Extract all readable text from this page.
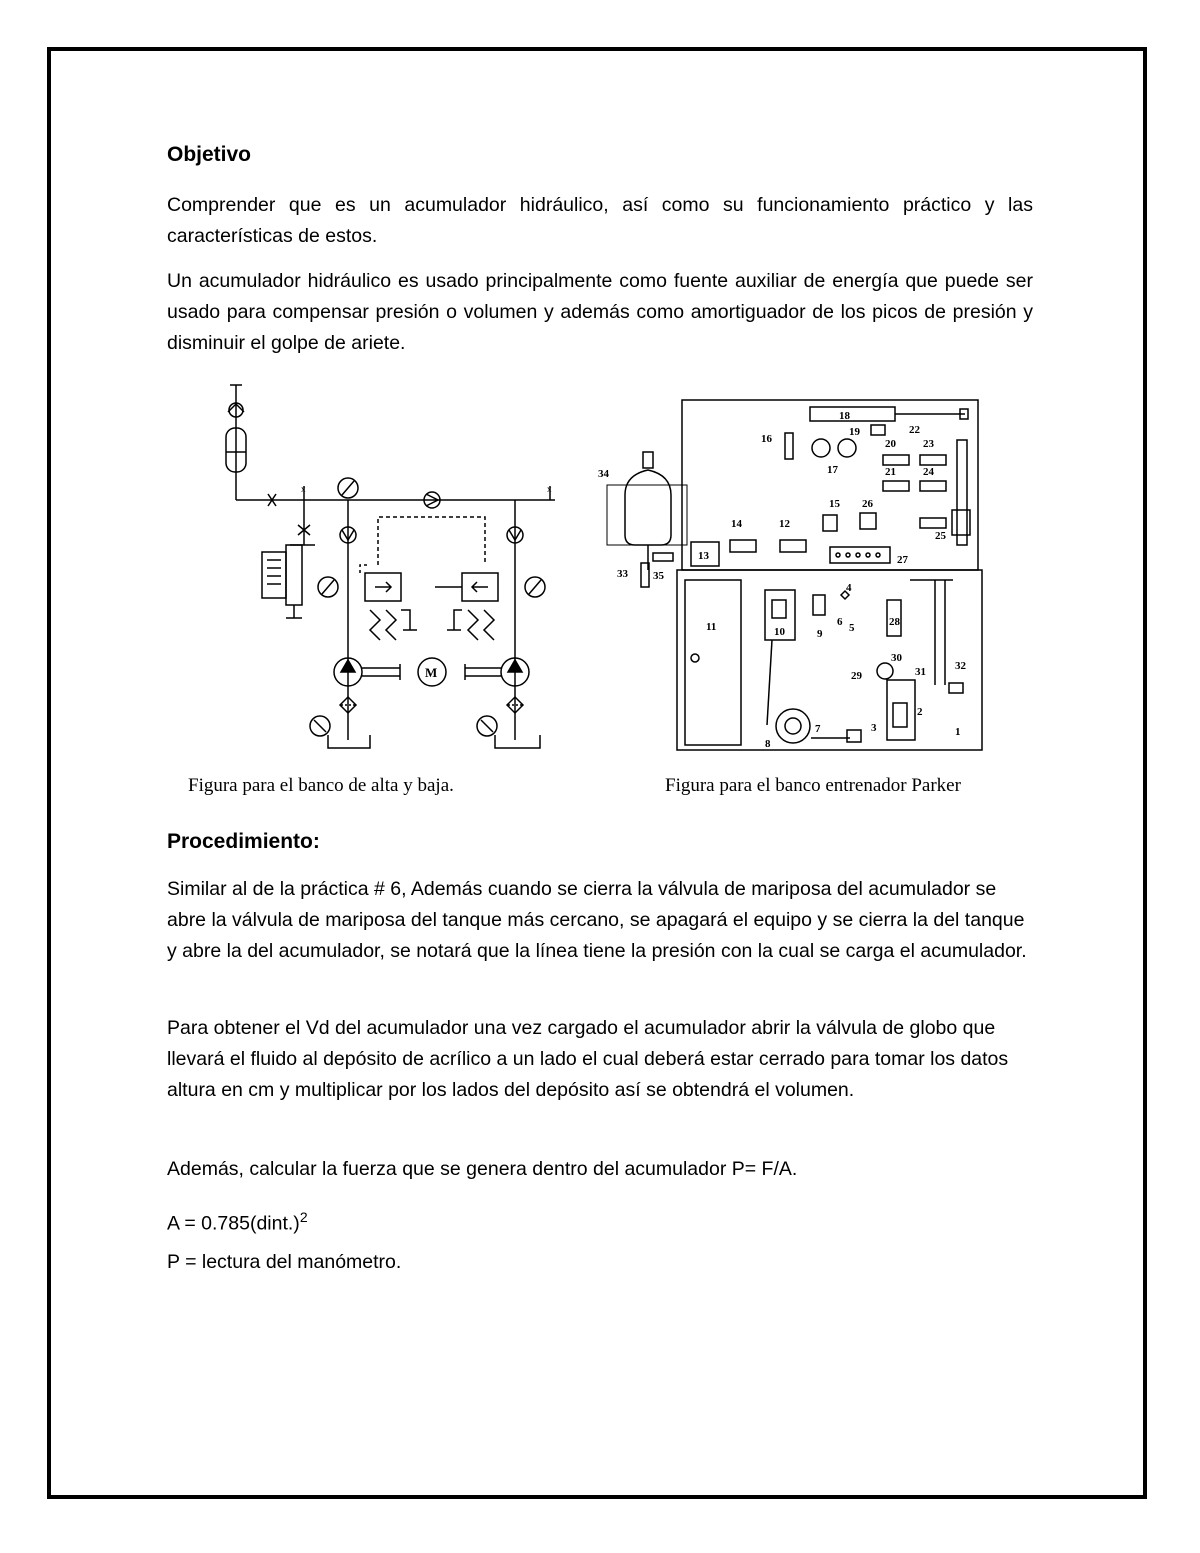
Objetivo

Comprender que es un acumulador hidráulico, así como su funcionamiento práctico y las características de estos.

Un acumulador hidráulico es usado principalmente como fuente auxiliar de energía que puede ser usado para compensar presión o volumen y además como amortiguador de los picos de presión y disminuir el golpe de ariete.

x	x
M
1
2
3
4
5
6
7
8
9
10
11
12
13
14
15
16
17
18
19
20
21
22
23
24
25
26
27
28
29
30
31	32
33
34
35
Figura para el banco de alta y baja.	Figura para el banco entrenador Parker

Procedimiento:

Similar al de la práctica # 6, Además cuando se cierra la válvula de mariposa del acumulador se abre la válvula de mariposa del tanque más cercano, se apagará el equipo y se cierra la del tanque y abre la del acumulador, se notará que la línea tiene la presión con la cual se carga el acumulador.

Para obtener el Vd del acumulador una vez cargado el acumulador abrir la válvula de globo que llevará el fluido al depósito de acrílico a un lado el cual deberá estar cerrado para tomar los datos altura en cm y multiplicar por los lados del depósito así se obtendrá el volumen.

Además, calcular la fuerza que se genera dentro del acumulador P= F/A.

A = 0.785(dint.)$^2$

P = lectura del manómetro.
